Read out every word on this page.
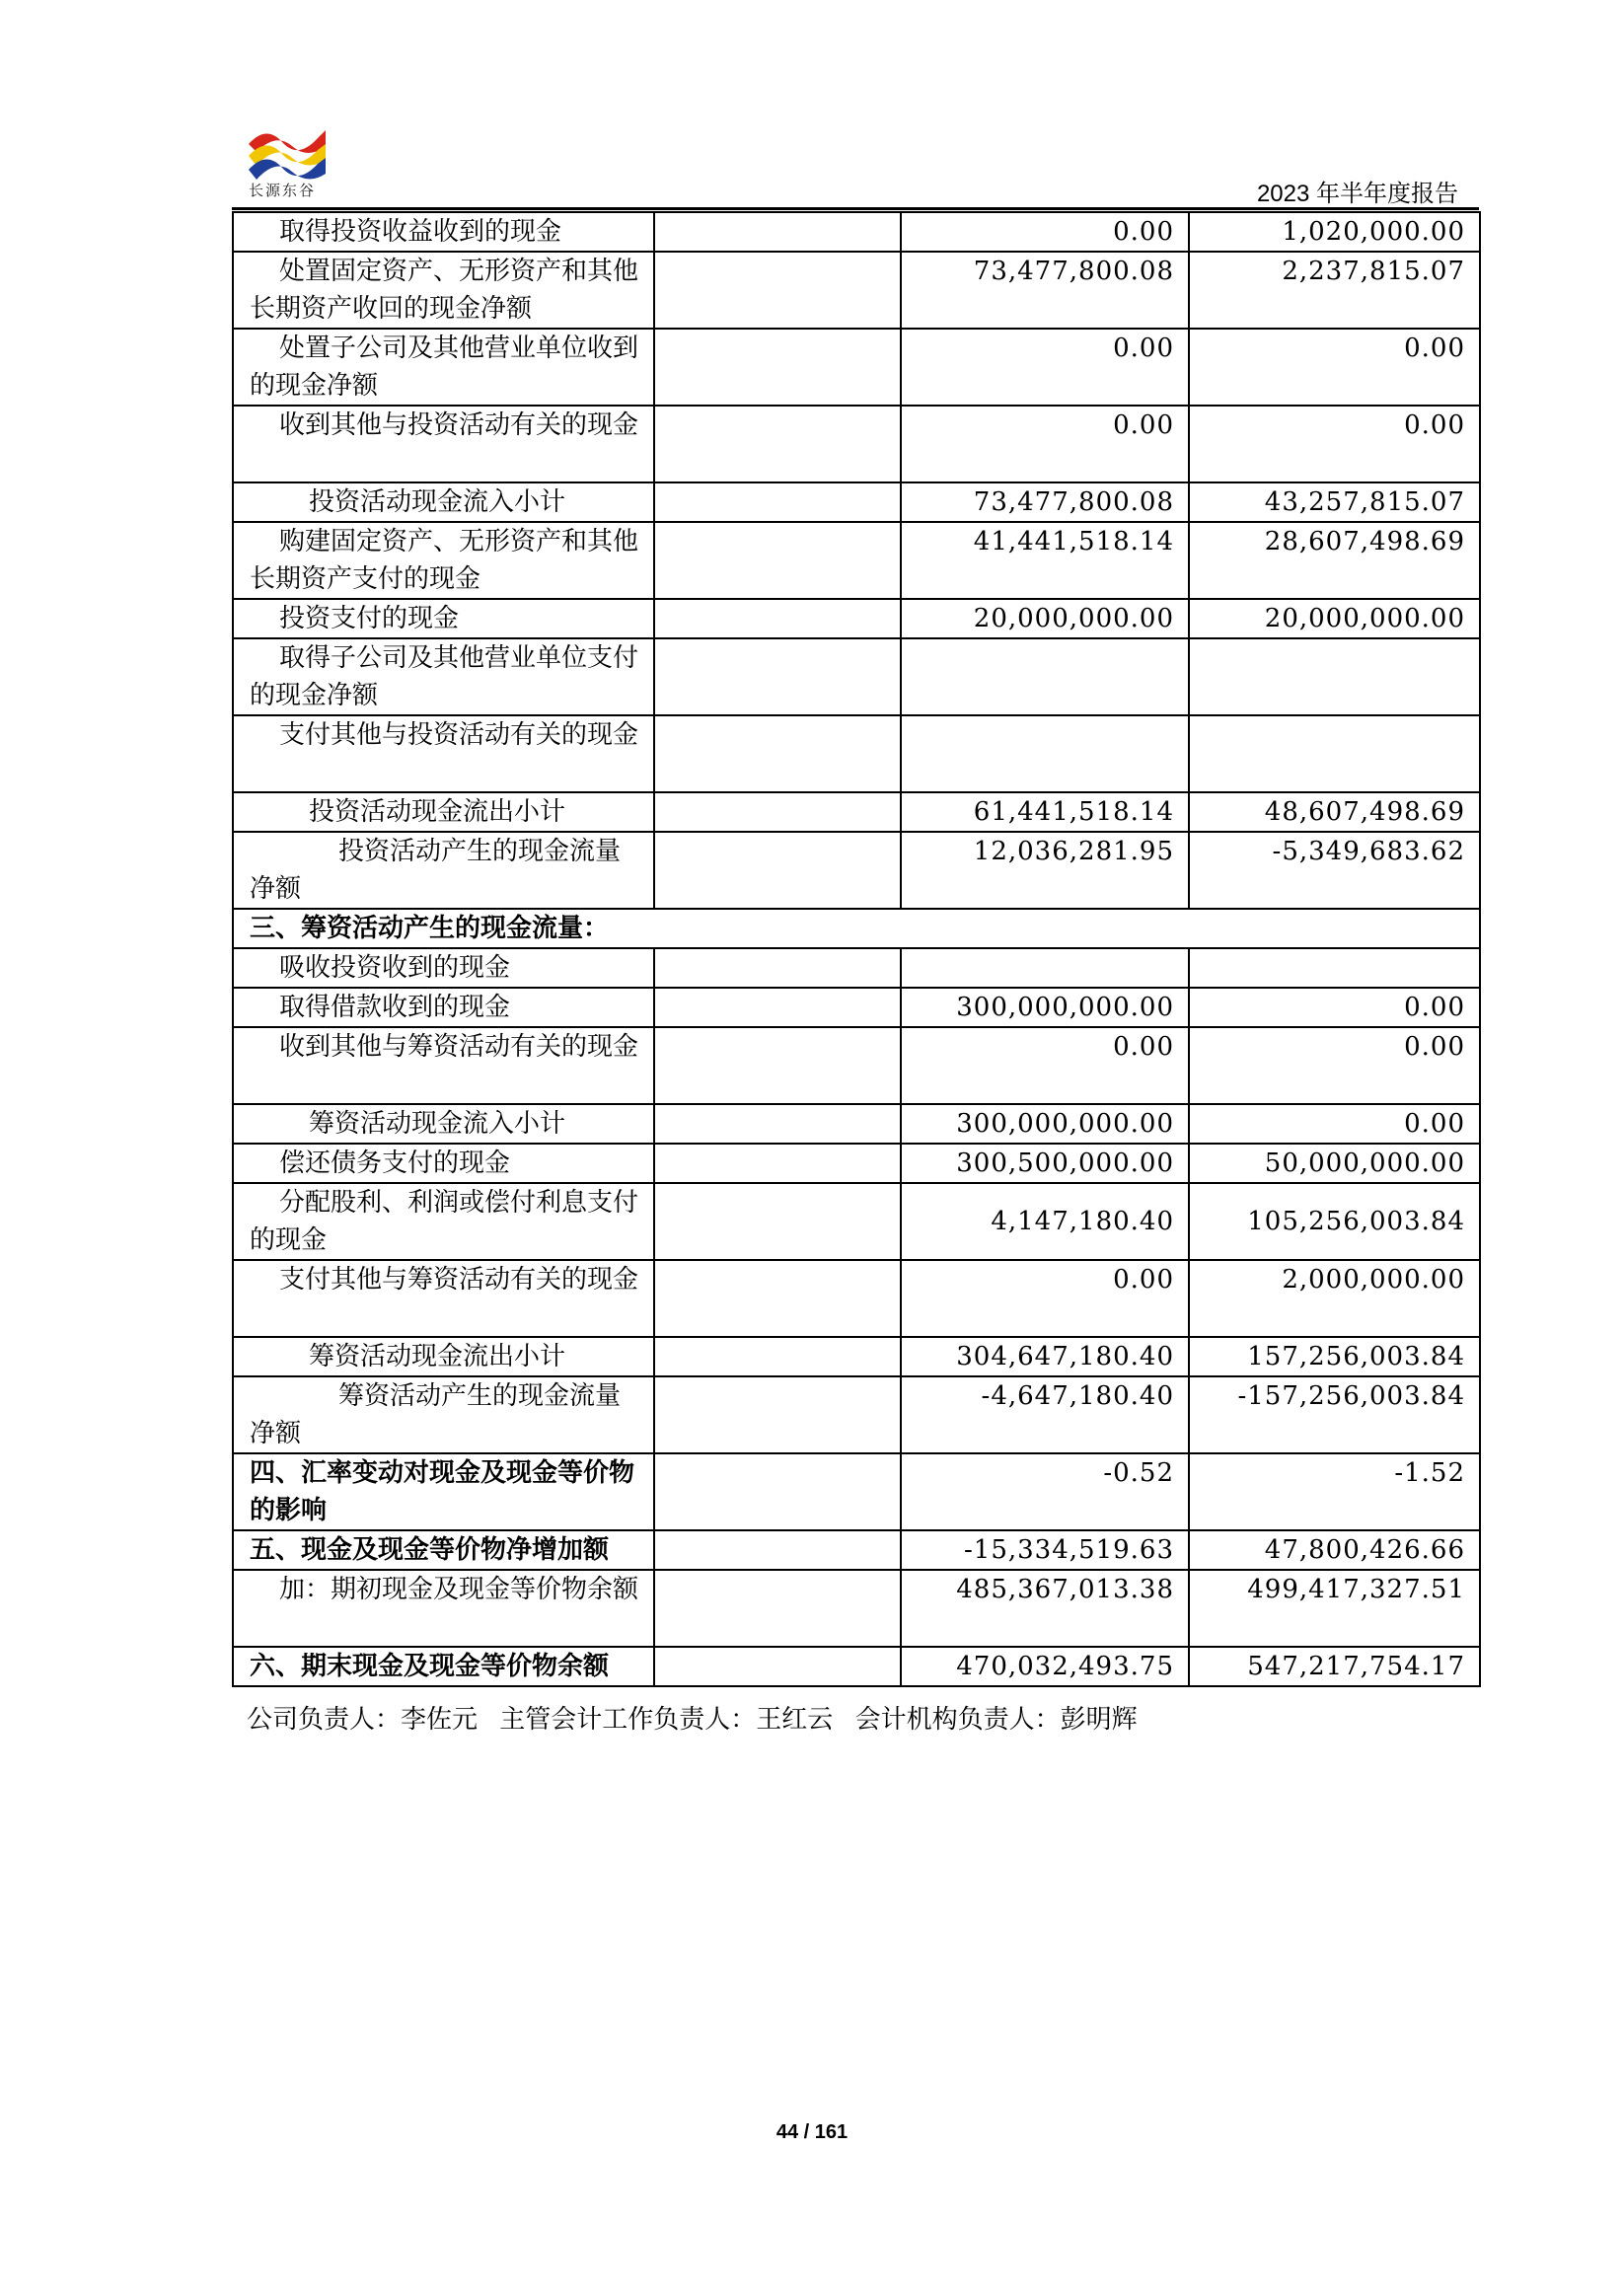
长源东谷	2023 年半年度报告
取得投资收益收到的现金		0.00	1,020,000.00

处置固定资产、无形资产和其他长期资产收回的现金净额		73,477,800.08	2,237,815.07

处置子公司及其他营业单位收到的现金净额		0.00	0.00

收到其他与投资活动有关的现金		0.00	0.00

投资活动现金流入小计		73,477,800.08	43,257,815.07

购建固定资产、无形资产和其他长期资产支付的现金		41,441,518.14	28,607,498.69

投资支付的现金		20,000,000.00	20,000,000.00

取得子公司及其他营业单位支付的现金净额			

支付其他与投资活动有关的现金			

投资活动现金流出小计		61,441,518.14	48,607,498.69

投资活动产生的现金流量净额		12,036,281.95	-5,349,683.62
三、筹资活动产生的现金流量：			

吸收投资收到的现金			

取得借款收到的现金		300,000,000.00	0.00

收到其他与筹资活动有关的现金		0.00	0.00

筹资活动现金流入小计		300,000,000.00	0.00

偿还债务支付的现金		300,500,000.00	50,000,000.00

分配股利、利润或偿付利息支付的现金		4,147,180.40	105,256,003.84

支付其他与筹资活动有关的现金		0.00	2,000,000.00

筹资活动现金流出小计		304,647,180.40	157,256,003.84

筹资活动产生的现金流量净额		-4,647,180.40	-157,256,003.84
四、汇率变动对现金及现金等价物的影响		-0.52	-1.52
五、现金及现金等价物净增加额		-15,334,519.63	47,800,426.66

加：期初现金及现金等价物余额		485,367,013.38	499,417,327.51
六、期末现金及现金等价物余额		470,032,493.75	547,217,754.17
公司负责人：李佐元 主管会计工作负责人：王红云 会计机构负责人：彭明辉
44 / 161
